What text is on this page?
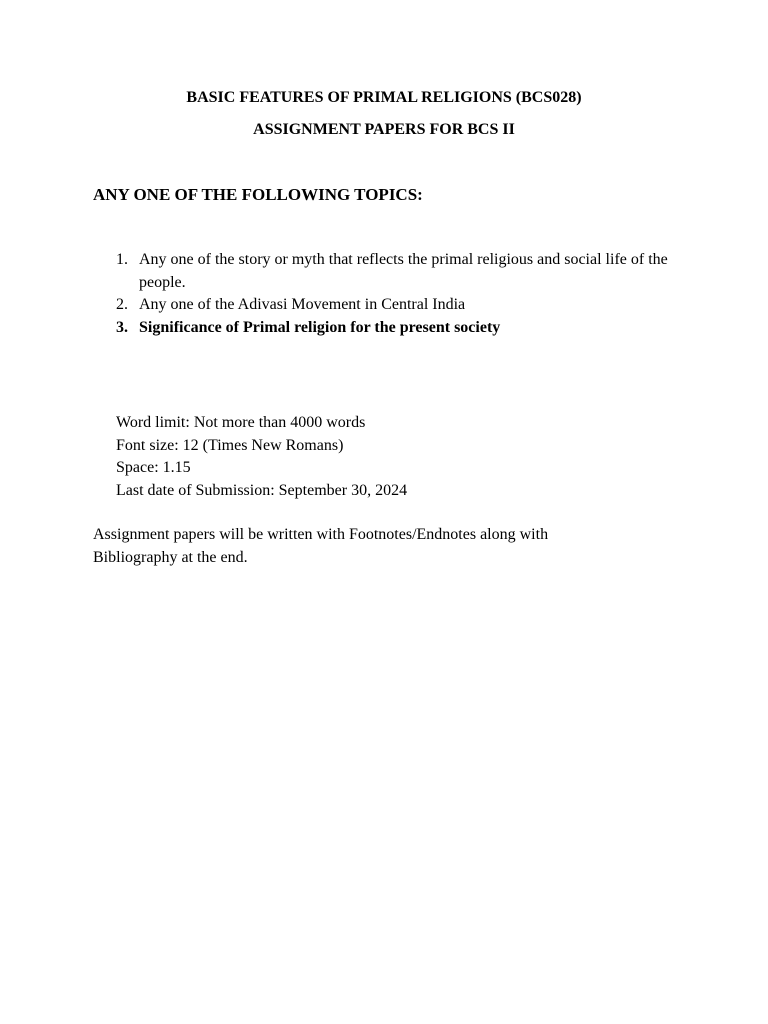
BASIC FEATURES OF PRIMAL RELIGIONS (BCS028)
ASSIGNMENT PAPERS FOR BCS II
ANY ONE OF THE FOLLOWING TOPICS:
1. Any one of the story or myth that reflects the primal religious and social life of the people.
2. Any one of the Adivasi Movement in Central India
3. Significance of Primal religion for the present society
Word limit: Not more than 4000 words
Font size: 12 (Times New Romans)
Space: 1.15
Last date of Submission: September 30, 2024
Assignment papers will be written with Footnotes/Endnotes along with Bibliography at the end.
